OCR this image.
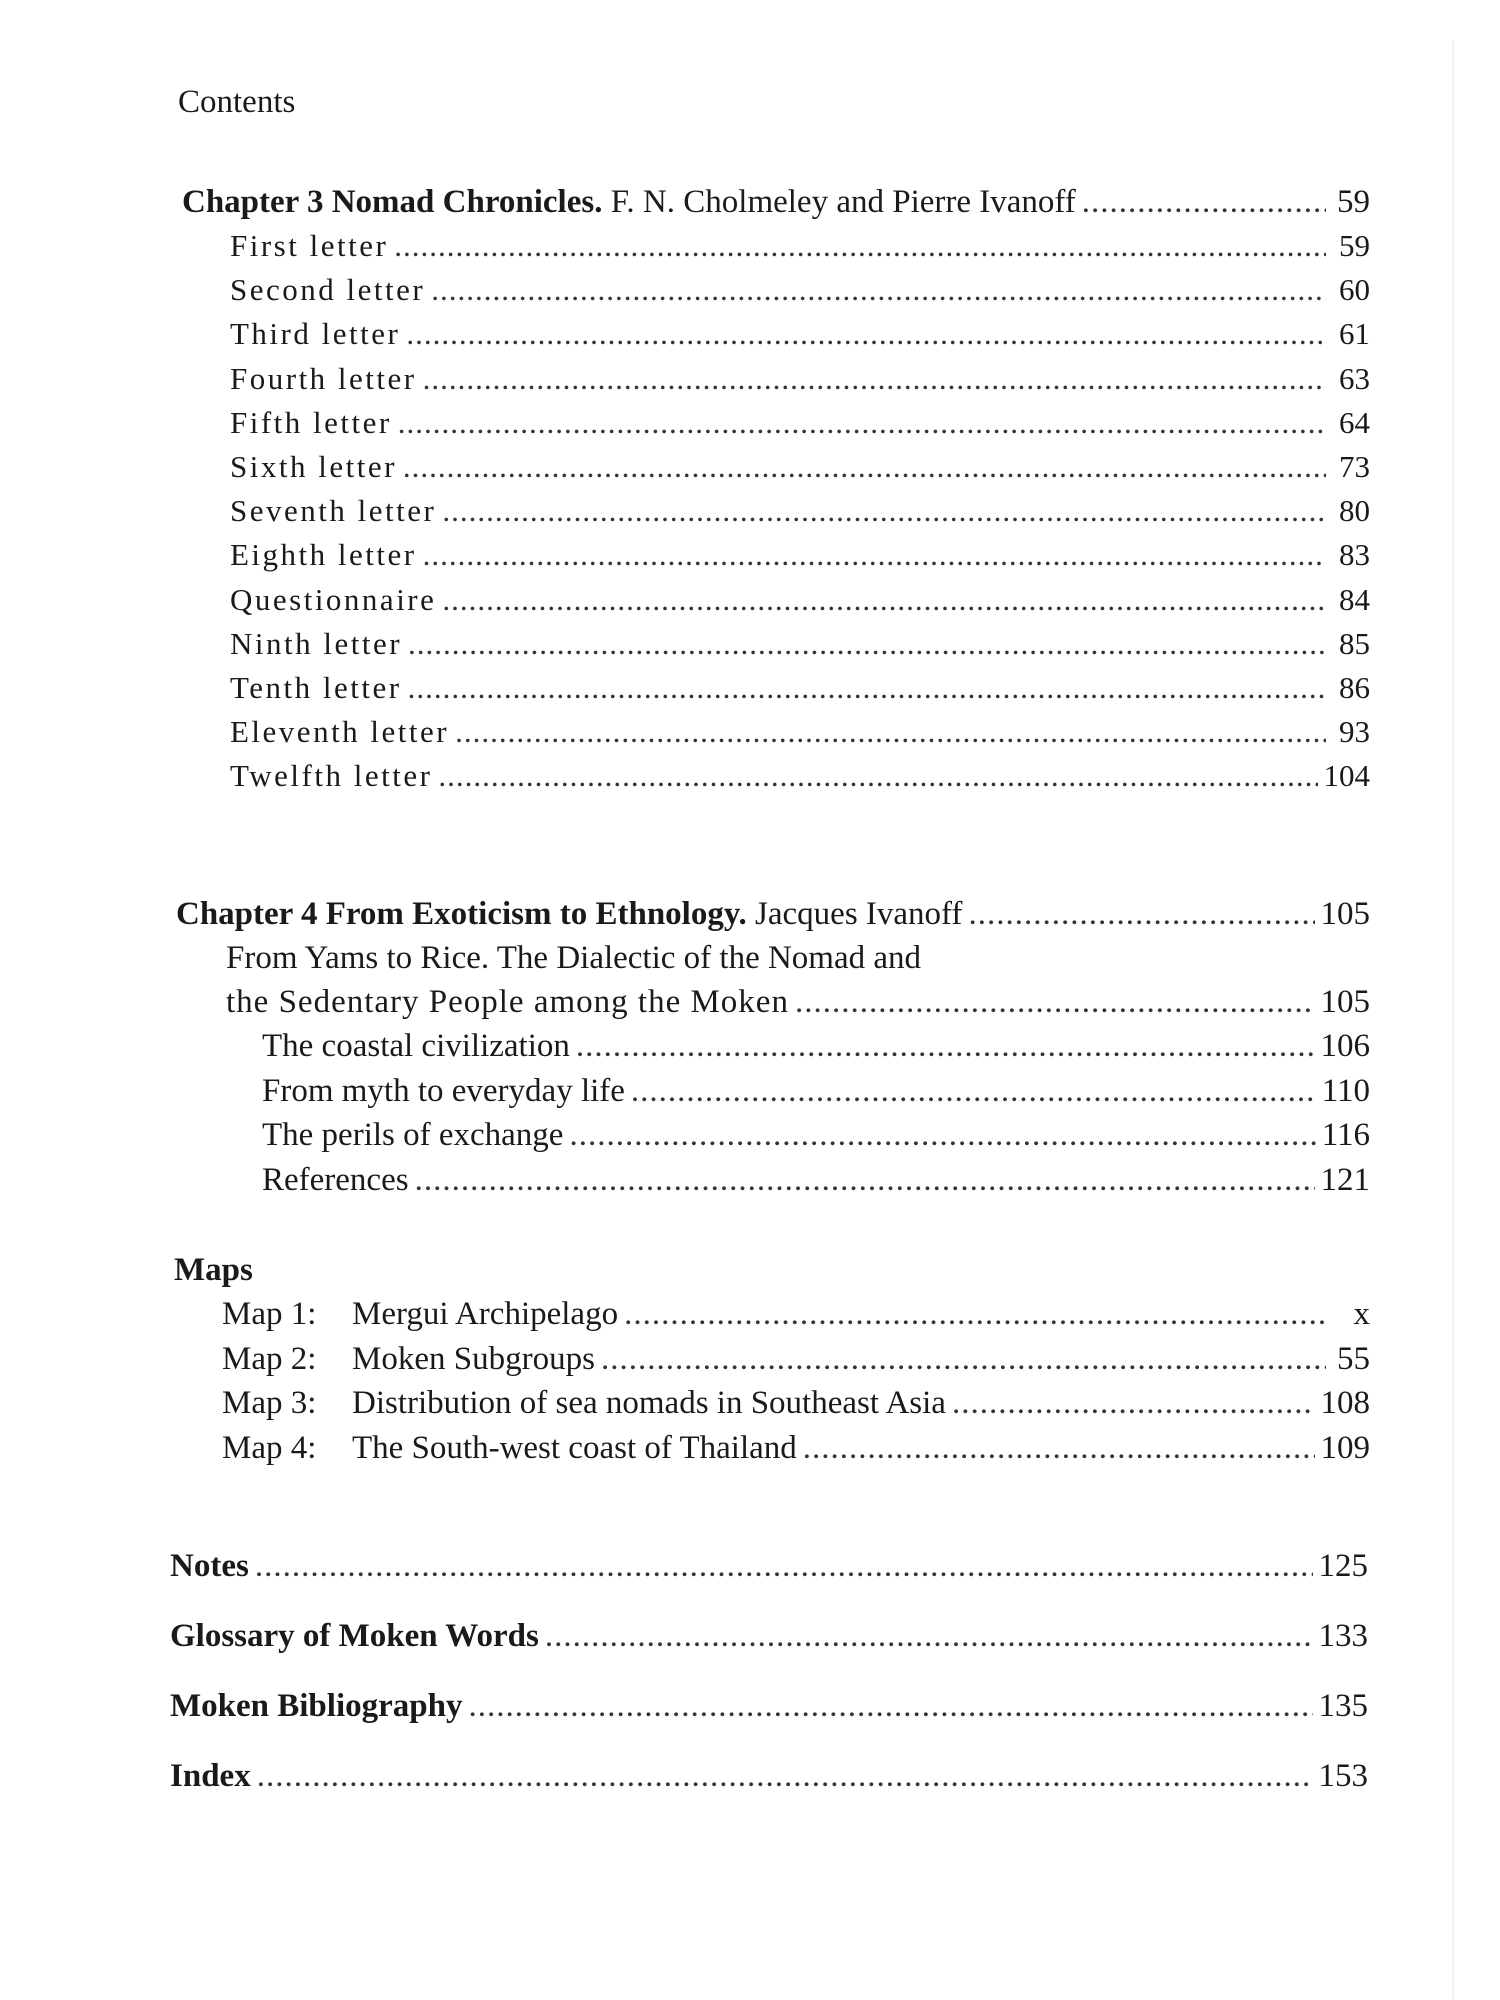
Contents
Chapter 3 Nomad Chronicles. F. N. Cholmeley and Pierre Ivanoff .....	59
First letter .....	59
Second letter .....	60
Third letter .....	61
Fourth letter .....	63
Fifth letter .....	64
Sixth letter .....	73
Seventh letter .....	80
Eighth letter .....	83
Questionnaire .....	84
Ninth letter .....	85
Tenth letter .....	86
Eleventh letter .....	93
Twelfth letter .....	104
Chapter 4 From Exoticism to Ethnology. Jacques Ivanoff .....	105
From Yams to Rice. The Dialectic of the Nomad and
the Sedentary People among the Moken .....	105
The coastal civilization .....	106
From myth to everyday life .....	110
The perils of exchange .....	116
References .....	121
Maps
Map 1: Mergui Archipelago .....	x
Map 2: Moken Subgroups .....	55
Map 3: Distribution of sea nomads in Southeast Asia .....	108
Map 4: The South-west coast of Thailand .....	109
Notes .....	125
Glossary of Moken Words .....	133
Moken Bibliography .....	135
Index .....	153
